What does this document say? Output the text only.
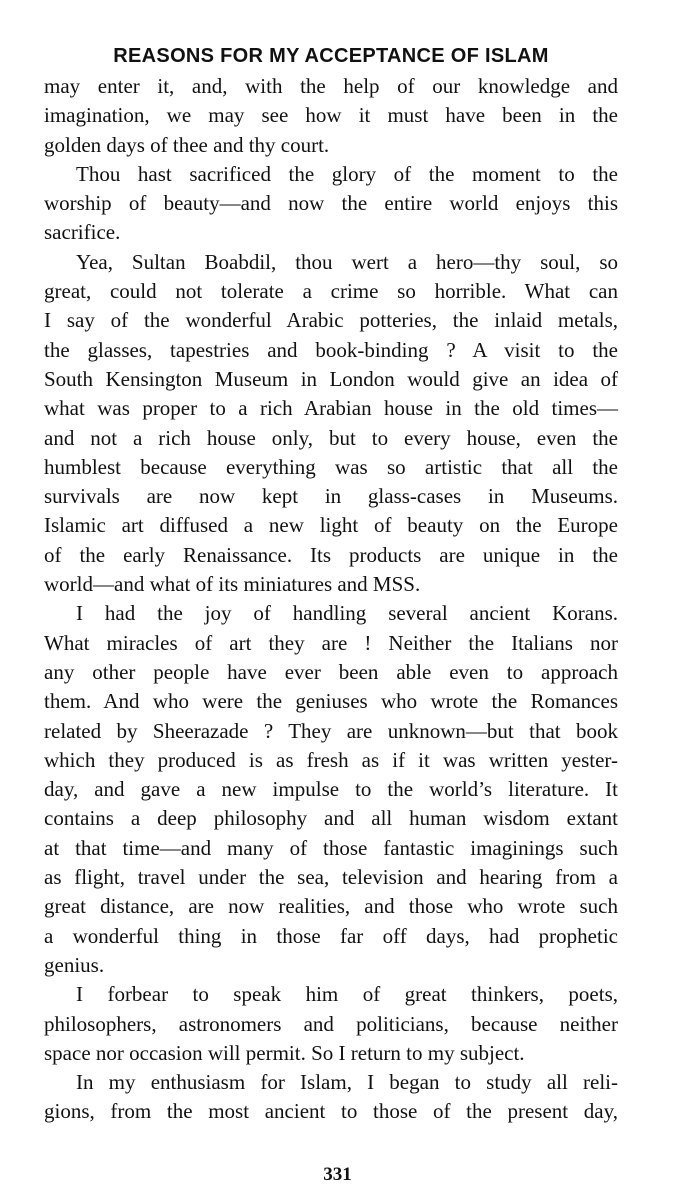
REASONS FOR MY ACCEPTANCE OF ISLAM

may enter it, and, with the help of our knowledge and
imagination, we may see how it must have been in the
golden days of thee and thy court.

Thou hast sacrificed the glory of the moment to the
worship of beauty—and now the entire world enjoys this
sacrifice.

Yea, Sultan Boabdil, thou wert a hero—thy soul, so
great, could not tolerate a crime so horrible. What can
I say of the wonderful Arabic potteries, the inlaid metals,
the glasses, tapestries and book-binding ? A visit to the
South Kensington Museum in London would give an idea of
what was proper to a rich Arabian house in the old times—
and not a rich house only, but to every house, even the
humblest because everything was so artistic that all the
survivals are now kept in glass-cases in Museums.
Islamic art diffused a new light of beauty on the Europe
of the early Renaissance. Its products are unique in the
world—and what of its miniatures and MSS.

I had the joy of handling several ancient Korans.
What miracles of art they are ! Neither the Italians nor
any other people have ever been able even to approach
them. And who were the geniuses who wrote the Romances
related by Sheerazade ? They are unknown—but that book
which they produced is as fresh as if it was written yester-
day, and gave a new impulse to the world’s literature. It
contains a deep philosophy and all human wisdom extant
at that time—and many of those fantastic imaginings such
as flight, travel under the sea, television and hearing from a
great distance, are now realities, and those who wrote such
a wonderful thing in those far off days, had prophetic
genius.

I forbear to speak him of great thinkers, poets,
philosophers, astronomers and politicians, because neither
space nor occasion will permit. So I return to my subject.

In my enthusiasm for Islam, I began to study all reli-
gions, from the most ancient to those of the present day,

331
